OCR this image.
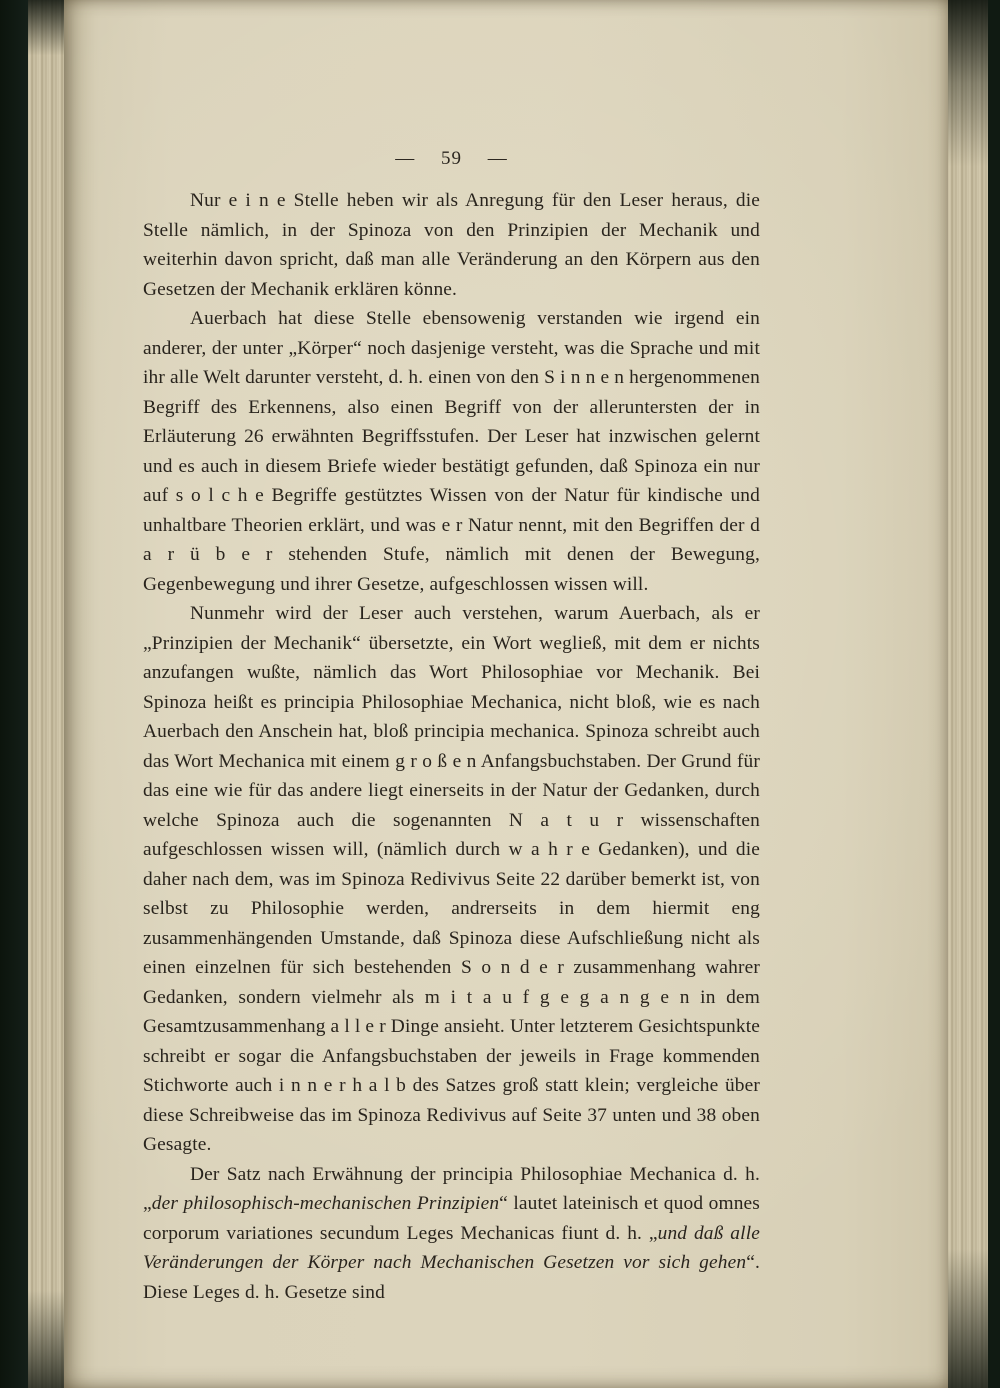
— 59 —

Nur e i n e Stelle heben wir als Anregung für den Leser heraus, die Stelle nämlich, in der Spinoza von den Prinzipien der Mechanik und weiterhin davon spricht, daß man alle Veränderung an den Körpern aus den Gesetzen der Mechanik erklären könne.

Auerbach hat diese Stelle ebensowenig verstanden wie irgend ein anderer, der unter „Körper“ noch dasjenige versteht, was die Sprache und mit ihr alle Welt darunter versteht, d. h. einen von den S i n n e n hergenommenen Begriff des Erkennens, also einen Begriff von der alleruntersten der in Erläuterung 26 erwähnten Begriffsstufen. Der Leser hat inzwischen gelernt und es auch in diesem Briefe wieder bestätigt gefunden, daß Spinoza ein nur auf s o l c h e Begriffe gestütztes Wissen von der Natur für kindische und unhaltbare Theorien erklärt, und was e r Natur nennt, mit den Begriffen der d a r ü b e r stehenden Stufe, nämlich mit denen der Bewegung, Gegenbewegung und ihrer Gesetze, aufgeschlossen wissen will.

Nunmehr wird der Leser auch verstehen, warum Auerbach, als er „Prinzipien der Mechanik“ übersetzte, ein Wort wegließ, mit dem er nichts anzufangen wußte, nämlich das Wort Philosophiae vor Mechanik. Bei Spinoza heißt es principia Philosophiae Mechanica, nicht bloß, wie es nach Auerbach den Anschein hat, bloß principia mechanica. Spinoza schreibt auch das Wort Mechanica mit einem g r o ß e n Anfangsbuchstaben. Der Grund für das eine wie für das andere liegt einerseits in der Natur der Gedanken, durch welche Spinoza auch die sogenannten N a t u r wissenschaften aufgeschlossen wissen will, (nämlich durch w a h r e Gedanken), und die daher nach dem, was im Spinoza Redivivus Seite 22 darüber bemerkt ist, von selbst zu Philosophie werden, andrerseits in dem hiermit eng zusammenhängenden Umstande, daß Spinoza diese Aufschließung nicht als einen einzelnen für sich bestehenden S o n d e r zusammenhang wahrer Gedanken, sondern vielmehr als m i t a u f g e g a n g e n in dem Gesamtzusammenhang a l l e r Dinge ansieht. Unter letzterem Gesichtspunkte schreibt er sogar die Anfangsbuchstaben der jeweils in Frage kommenden Stichworte auch i n n e r h a l b des Satzes groß statt klein; vergleiche über diese Schreibweise das im Spinoza Redivivus auf Seite 37 unten und 38 oben Gesagte.

Der Satz nach Erwähnung der principia Philosophiae Mechanica d. h. „der philosophisch-mechanischen Prinzipien“ lautet lateinisch et quod omnes corporum variationes secundum Leges Mechanicas fiunt d. h. „und daß alle Veränderungen der Körper nach Mechanischen Gesetzen vor sich gehen“. Diese Leges d. h. Gesetze sind
